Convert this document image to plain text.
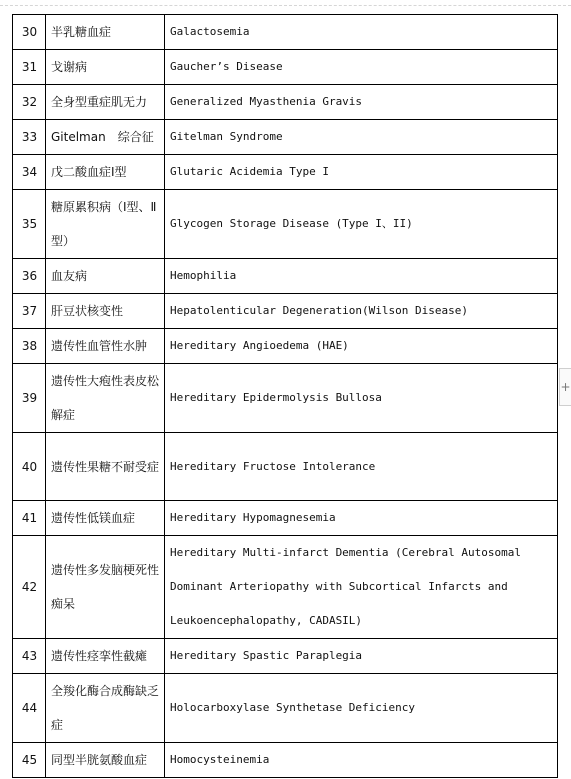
30	半乳糖血症	Galactosemia
31	戈谢病	Gaucher’s Disease
32	全身型重症肌无力	Generalized Myasthenia Gravis
33	Gitelman　综合征	Gitelman Syndrome
34	戊二酸血症Ⅰ型	Glutaric Acidemia Type I
35	糖原累积病（Ⅰ型、Ⅱ型）	Glycogen Storage Disease (Type I、II)
36	血友病	Hemophilia
37	肝豆状核变性	Hepatolenticular Degeneration(Wilson Disease)
38	遗传性血管性水肿	Hereditary Angioedema (HAE)
39	遗传性大疱性表皮松解症	Hereditary Epidermolysis Bullosa
40	遗传性果糖不耐受症	Hereditary Fructose Intolerance
41	遗传性低镁血症	Hereditary Hypomagnesemia
42	遗传性多发脑梗死性痴呆	Hereditary Multi-infarct Dementia (Cerebral Autosomal Dominant Arteriopathy with Subcortical Infarcts and Leukoencephalopathy, CADASIL)
43	遗传性痉挛性截瘫	Hereditary Spastic Paraplegia
44	全羧化酶合成酶缺乏症	Holocarboxylase Synthetase Deficiency
45	同型半胱氨酸血症	Homocysteinemia
+
